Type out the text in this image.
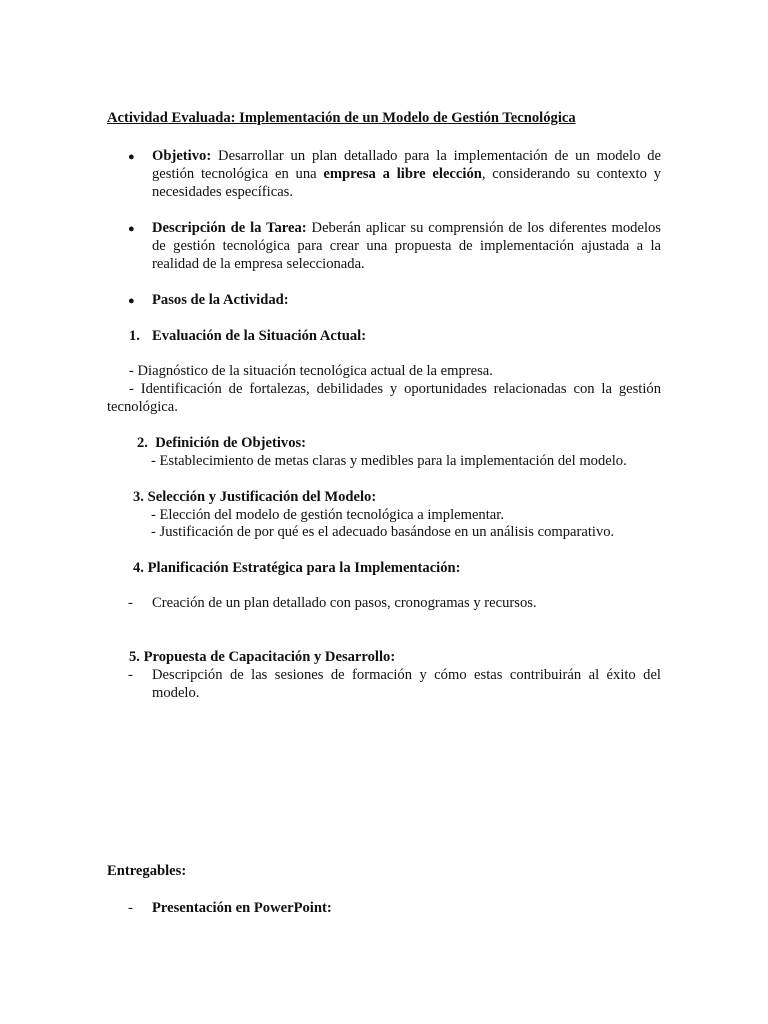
Actividad Evaluada: Implementación de un Modelo de Gestión Tecnológica
● Objetivo: Desarrollar un plan detallado para la implementación de un modelo de gestión tecnológica en una empresa a libre elección, considerando su contexto y necesidades específicas.
● Descripción de la Tarea: Deberán aplicar su comprensión de los diferentes modelos de gestión tecnológica para crear una propuesta de implementación ajustada a la realidad de la empresa seleccionada.
● Pasos de la Actividad:
1. Evaluación de la Situación Actual:
- Diagnóstico de la situación tecnológica actual de la empresa.
- Identificación de fortalezas, debilidades y oportunidades relacionadas con la gestión
tecnológica.
2.  Definición de Objetivos:
- Establecimiento de metas claras y medibles para la implementación del modelo.
3. Selección y Justificación del Modelo:
- Elección del modelo de gestión tecnológica a implementar.
- Justificación de por qué es el adecuado basándose en un análisis comparativo.
4. Planificación Estratégica para la Implementación:
- Creación de un plan detallado con pasos, cronogramas y recursos.
5. Propuesta de Capacitación y Desarrollo:
- Descripción de las sesiones de formación y cómo estas contribuirán al éxito del modelo.
Entregables:
- Presentación en PowerPoint:
